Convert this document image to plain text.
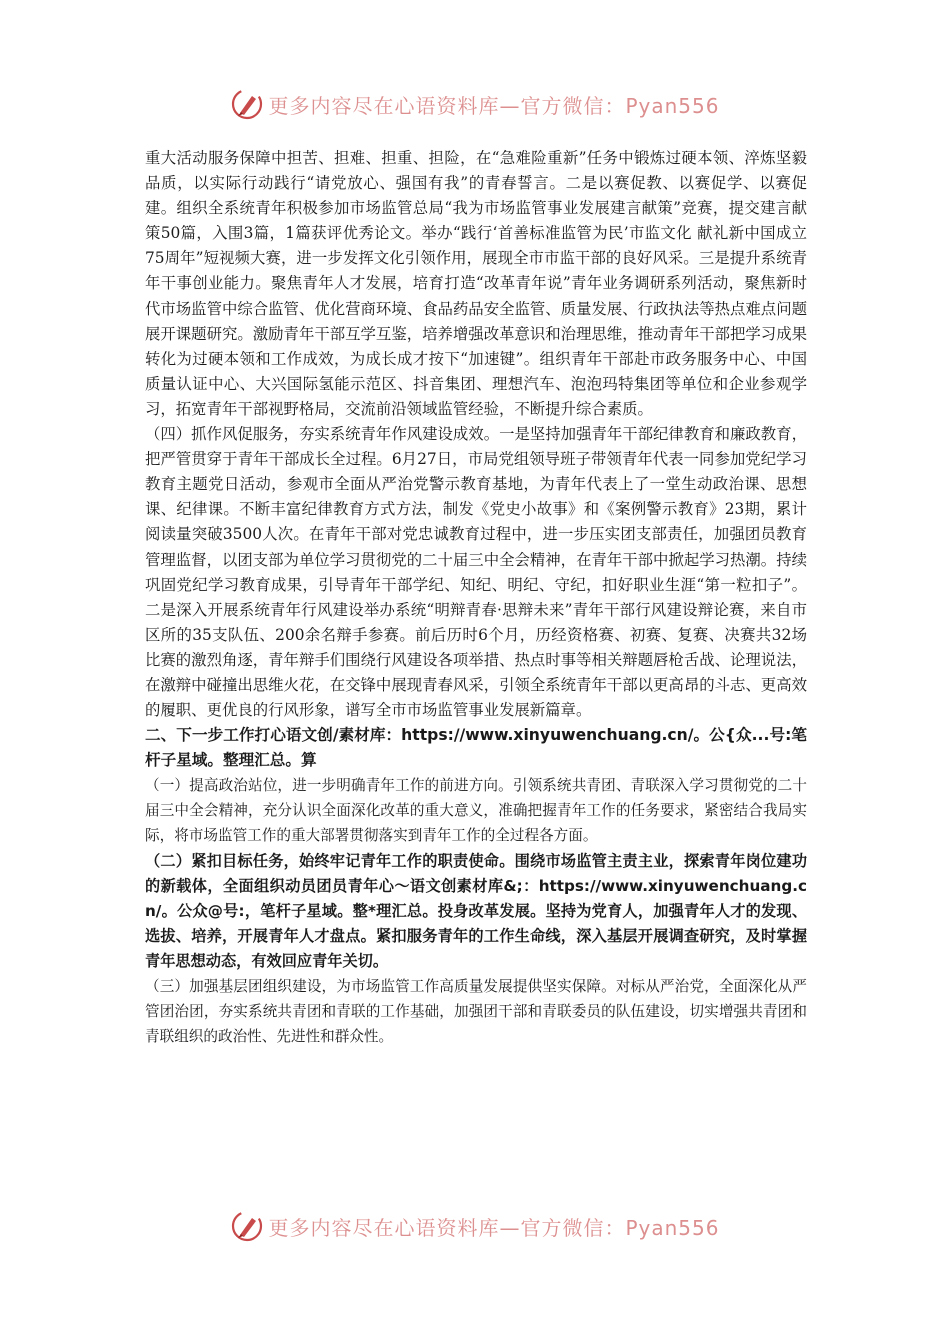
更多内容尽在心语资料库—官方微信：Pyan556

重大活动服务保障中担苦、担难、担重、担险，在“急难险重新”任务中锻炼过硬本领、淬炼坚毅品质，以实际行动践行“请党放心、强国有我”的青春誓言。二是以赛促教、以赛促学、以赛促建。组织全系统青年积极参加市场监管总局“我为市场监管事业发展建言献策”竞赛，提交建言献策50篇，入围3篇，1篇获评优秀论文。举办“践行‘首善标准监管为民’市监文化 献礼新中国成立75周年”短视频大赛，进一步发挥文化引领作用，展现全市市监干部的良好风采。三是提升系统青年干事创业能力。聚焦青年人才发展，培育打造“改革青年说”青年业务调研系列活动，聚焦新时代市场监管中综合监管、优化营商环境、食品药品安全监管、质量发展、行政执法等热点难点问题展开课题研究。激励青年干部互学互鉴，培养增强改革意识和治理思维，推动青年干部把学习成果转化为过硬本领和工作成效，为成长成才按下“加速键”。组织青年干部赴市政务服务中心、中国质量认证中心、大兴国际氢能示范区、抖音集团、理想汽车、泡泡玛特集团等单位和企业参观学习，拓宽青年干部视野格局，交流前沿领域监管经验，不断提升综合素质。

（四）抓作风促服务，夯实系统青年作风建设成效。一是坚持加强青年干部纪律教育和廉政教育，把严管贯穿于青年干部成长全过程。6月27日，市局党组领导班子带领青年代表一同参加党纪学习教育主题党日活动，参观市全面从严治党警示教育基地，为青年代表上了一堂生动政治课、思想课、纪律课。不断丰富纪律教育方式方法，制发《党史小故事》和《案例警示教育》23期，累计阅读量突破3500人次。在青年干部对党忠诚教育过程中，进一步压实团支部责任，加强团员教育管理监督，以团支部为单位学习贯彻党的二十届三中全会精神，在青年干部中掀起学习热潮。持续巩固党纪学习教育成果，引导青年干部学纪、知纪、明纪、守纪，扣好职业生涯“第一粒扣子”。二是深入开展系统青年行风建设举办系统“明辩青春·思辩未来”青年干部行风建设辩论赛，来自市区所的35支队伍、200余名辩手参赛。前后历时6个月，历经资格赛、初赛、复赛、决赛共32场比赛的激烈角逐，青年辩手们围绕行风建设各项举措、热点时事等相关辩题唇枪舌战、论理说法，在激辩中碰撞出思维火花，在交锋中展现青春风采，引领全系统青年干部以更高昂的斗志、更高效的履职、更优良的行风形象，谱写全市市场监管事业发展新篇章。

二、下一步工作打心语文创/素材库：https://www.xinyuwenchuang.cn/。公{众...号:笔杆子星域。整理汇总。算

（一）提高政治站位，进一步明确青年工作的前进方向。引领系统共青团、青联深入学习贯彻党的二十届三中全会精神，充分认识全面深化改革的重大意义，准确把握青年工作的任务要求，紧密结合我局实际，将市场监管工作的重大部署贯彻落实到青年工作的全过程各方面。

（二）紧扣目标任务，始终牢记青年工作的职责使命。围绕市场监管主责主业，探索青年岗位建功的新载体，全面组织动员团员青年心～语文创素材库&;：https://www.xinyuwenchuang.cn/。公众@号:，笔杆子星域。整*理汇总。投身改革发展。坚持为党育人，加强青年人才的发现、选拔、培养，开展青年人才盘点。紧扣服务青年的工作生命线，深入基层开展调查研究，及时掌握青年思想动态，有效回应青年关切。

（三）加强基层团组织建设，为市场监管工作高质量发展提供坚实保障。对标从严治党，全面深化从严管团治团，夯实系统共青团和青联的工作基础，加强团干部和青联委员的队伍建设，切实增强共青团和青联组织的政治性、先进性和群众性。

更多内容尽在心语资料库—官方微信：Pyan556
